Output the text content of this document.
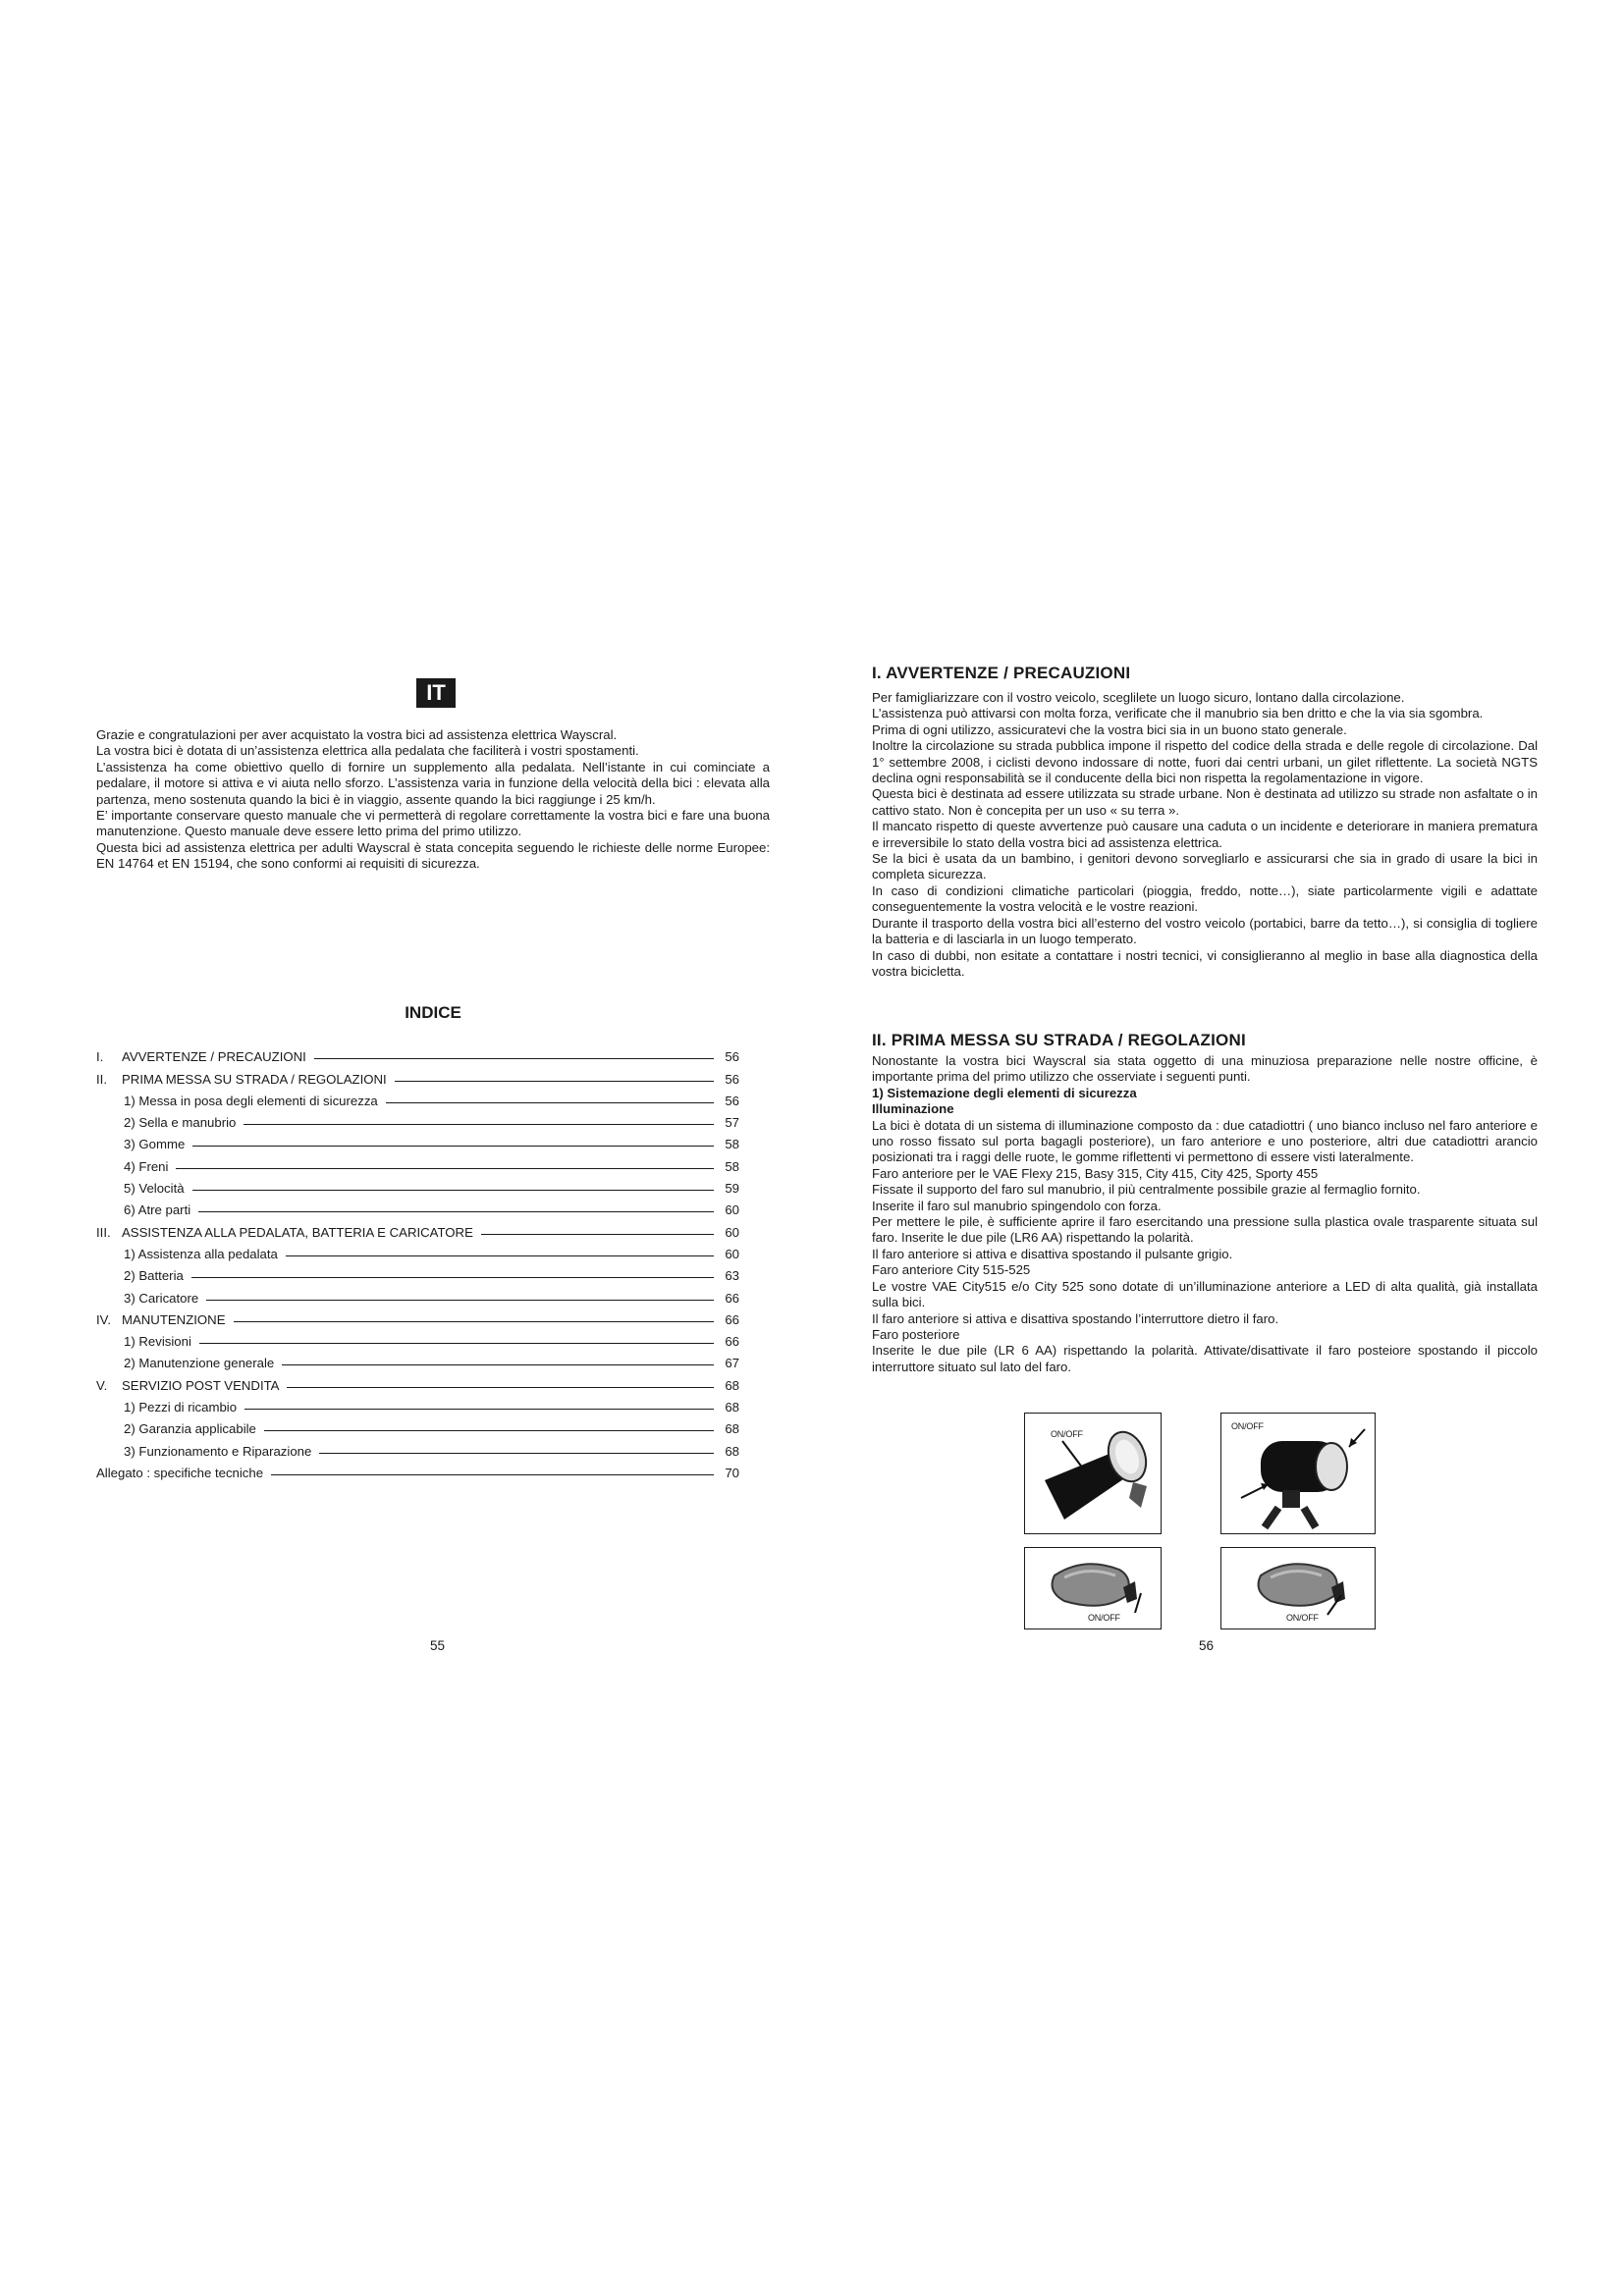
IT

Grazie e congratulazioni per aver acquistato la vostra bici ad assistenza elettrica Wayscral.

La vostra bici è dotata di un’assistenza elettrica alla pedalata che faciliterà i vostri spostamenti.

L’assistenza ha come obiettivo quello di fornire un supplemento alla pedalata. Nell’istante in cui cominciate a pedalare, il motore si attiva e vi aiuta nello sforzo. L’assistenza varia in funzione della velocità della bici : elevata alla partenza, meno sostenuta quando la bici è in viaggio, assente quando la bici raggiunge i 25 km/h.

E’ importante conservare questo manuale che vi permetterà di regolare correttamente la vostra bici e fare una buona manutenzione. Questo manuale deve essere letto prima del primo utilizzo.

Questa bici ad assistenza elettrica per adulti Wayscral è stata concepita seguendo le richieste delle norme Europee: EN 14764 et EN 15194, che sono conformi ai requisiti di sicurezza.

INDICE
I.	AVVERTENZE / PRECAUZIONI	56
II.	PRIMA MESSA SU STRADA / REGOLAZIONI	56
1) Messa in posa degli elementi di sicurezza	56
2) Sella e manubrio	57
3) Gomme	58
4) Freni	58
5) Velocità	59
6) Atre parti	60
III. ASSISTENZA ALLA PEDALATA, BATTERIA E CARICATORE	60
1) Assistenza alla pedalata	60
2) Batteria	63
3) Caricatore	66
IV. MANUTENZIONE	66
1) Revisioni	66
2) Manutenzione generale	67
V.	SERVIZIO POST VENDITA	68
1) Pezzi di ricambio	68
2) Garanzia applicabile	68
3) Funzionamento e Riparazione	68
Allegato : specifiche tecniche	70
55
I. AVVERTENZE / PRECAUZIONI

Per famigliarizzare con il vostro veicolo, sceglilete un luogo sicuro, lontano dalla circolazione.

L’assistenza può attivarsi con molta forza, verificate che il manubrio sia ben dritto e che la via sia sgombra.

Prima di ogni utilizzo, assicuratevi che la vostra bici sia in un buono stato generale.

Inoltre la circolazione su strada pubblica impone il rispetto del codice della strada e delle regole di circolazione. Dal 1° settembre 2008, i ciclisti devono indossare di notte, fuori dai centri urbani, un gilet riflettente. La società NGTS declina ogni responsabilità se il conducente della bici non rispetta la regolamentazione in vigore.

Questa bici è destinata ad essere utilizzata su strade urbane. Non è destinata ad utilizzo su strade non asfaltate o in cattivo stato. Non è concepita per un uso « su terra ».

Il mancato rispetto di queste avvertenze può causare una caduta o un incidente e deteriorare in maniera prematura e irreversibile lo stato della vostra bici ad assistenza elettrica.

Se la bici è usata da un bambino, i genitori devono sorvegliarlo e assicurarsi che sia in grado di usare la bici in completa sicurezza.

In caso di condizioni climatiche particolari (pioggia, freddo, notte…), siate particolarmente vigili e adattate conseguentemente la vostra velocità e le vostre reazioni.

Durante il trasporto della vostra bici all’esterno del vostro veicolo (portabici, barre da tetto…), si consiglia di togliere la batteria e di lasciarla in un luogo temperato.

In caso di dubbi, non esitate a contattare i nostri tecnici, vi consiglieranno al meglio in base alla diagnostica della vostra bicicletta.

II. PRIMA MESSA SU STRADA / REGOLAZIONI

Nonostante la vostra bici Wayscral sia stata oggetto di una minuziosa preparazione nelle nostre officine, è importante prima del primo utilizzo che osserviate i seguenti punti.

1) Sistemazione degli elementi di sicurezza

Illuminazione

La bici è dotata di un sistema di illuminazione composto da : due catadiottri ( uno bianco incluso nel faro anteriore e uno rosso fissato sul porta bagagli posteriore), un faro anteriore e uno posteriore, altri due catadiottri arancio posizionati tra i raggi delle ruote, le gomme riflettenti vi permettono di essere visti lateralmente.

Faro anteriore per le VAE Flexy 215, Basy 315, City 415, City 425, Sporty 455

Fissate il supporto del faro sul manubrio, il più centralmente possibile grazie al fermaglio fornito.

Inserite il faro sul manubrio spingendolo con forza.

Per mettere le pile, è sufficiente aprire il faro esercitando una pressione sulla plastica ovale trasparente situata sul faro. Inserite le due pile (LR6 AA) rispettando la polarità.

Il faro anteriore si attiva e disattiva spostando il pulsante grigio.

Faro anteriore City 515-525

Le vostre VAE City515 e/o City 525 sono dotate di un’illuminazione anteriore a LED di alta qualità, già installata sulla bici.

Il faro anteriore si attiva e disattiva spostando l’interruttore dietro il faro.

Faro posteriore

Inserite le due pile (LR 6 AA) rispettando la polarità. Attivate/disattivate il faro posteiore spostando il piccolo interruttore situato sul lato del faro.

ON/OFF
ON/OFF
ON/OFF	ON/OFF
56
